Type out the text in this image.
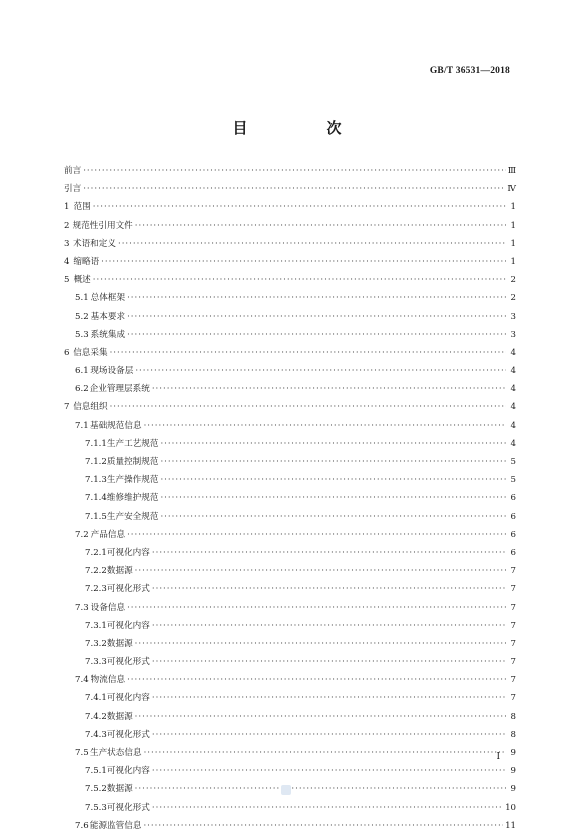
GB/T 36531—2018
目　次
前言 ·····	Ⅲ
引言 ·····	Ⅳ
1 范围 ·····	1
2 规范性引用文件 ·····	1
3 术语和定义 ·····	1
4 缩略语 ·····	1
5 概述 ·····	2
5.1 总体框架 ·····	2
5.2 基本要求 ·····	3
5.3 系统集成 ·····	3
6 信息采集 ·····	4
6.1 现场设备层 ·····	4
6.2 企业管理层系统 ·····	4
7 信息组织 ·····	4
7.1 基础规范信息 ·····	4
7.1.1 生产工艺规范 ·····	4
7.1.2 质量控制规范 ·····	5
7.1.3 生产操作规范 ·····	5
7.1.4 维修维护规范 ·····	6
7.1.5 生产安全规范 ·····	6
7.2 产品信息 ·····	6
7.2.1 可视化内容 ·····	6
7.2.2 数据源 ·····	7
7.2.3 可视化形式 ·····	7
7.3 设备信息 ·····	7
7.3.1 可视化内容 ·····	7
7.3.2 数据源 ·····	7
7.3.3 可视化形式 ·····	7
7.4 物流信息 ·····	7
7.4.1 可视化内容 ·····	7
7.4.2 数据源 ·····	8
7.4.3 可视化形式 ·····	8
7.5 生产状态信息 ·····	9
7.5.1 可视化内容 ·····	9
7.5.2 数据源 ·····	9
7.5.3 可视化形式 ·····	10
7.6 能源监管信息 ·····	11
Ⅰ
